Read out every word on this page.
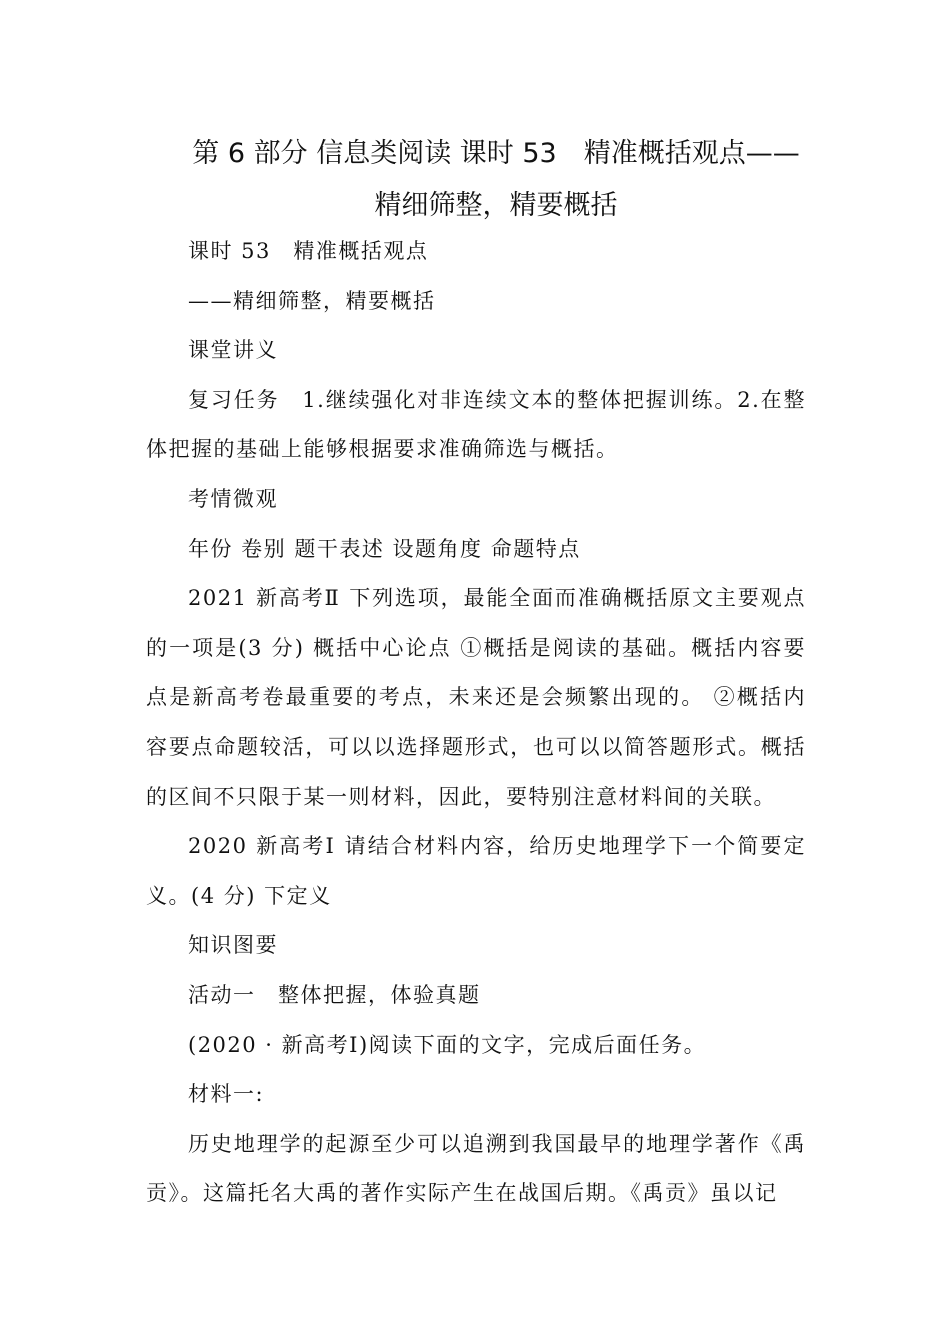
第 6 部分 信息类阅读 课时 53　精准概括观点——精细筛整，精要概括

课时 53　精准概括观点

——精细筛整，精要概括

课堂讲义

复习任务　1.继续强化对非连续文本的整体把握训练。2.在整体把握的基础上能够根据要求准确筛选与概括。

考情微观

年份 卷别 题干表述 设题角度 命题特点

2021 新高考Ⅱ 下列选项，最能全面而准确概括原文主要观点的一项是(3 分) 概括中心论点 ①概括是阅读的基础。概括内容要点是新高考卷最重要的考点，未来还是会频繁出现的。 ②概括内容要点命题较活，可以以选择题形式，也可以以简答题形式。概括的区间不只限于某一则材料，因此，要特别注意材料间的关联。

2020 新高考Ⅰ 请结合材料内容，给历史地理学下一个简要定义。(4 分) 下定义

知识图要

活动一　整体把握，体验真题

(2020 · 新高考Ⅰ)阅读下面的文字，完成后面任务。

材料一:

历史地理学的起源至少可以追溯到我国最早的地理学著作《禹贡》。这篇托名大禹的著作实际产生在战国后期。《禹贡》虽以记
